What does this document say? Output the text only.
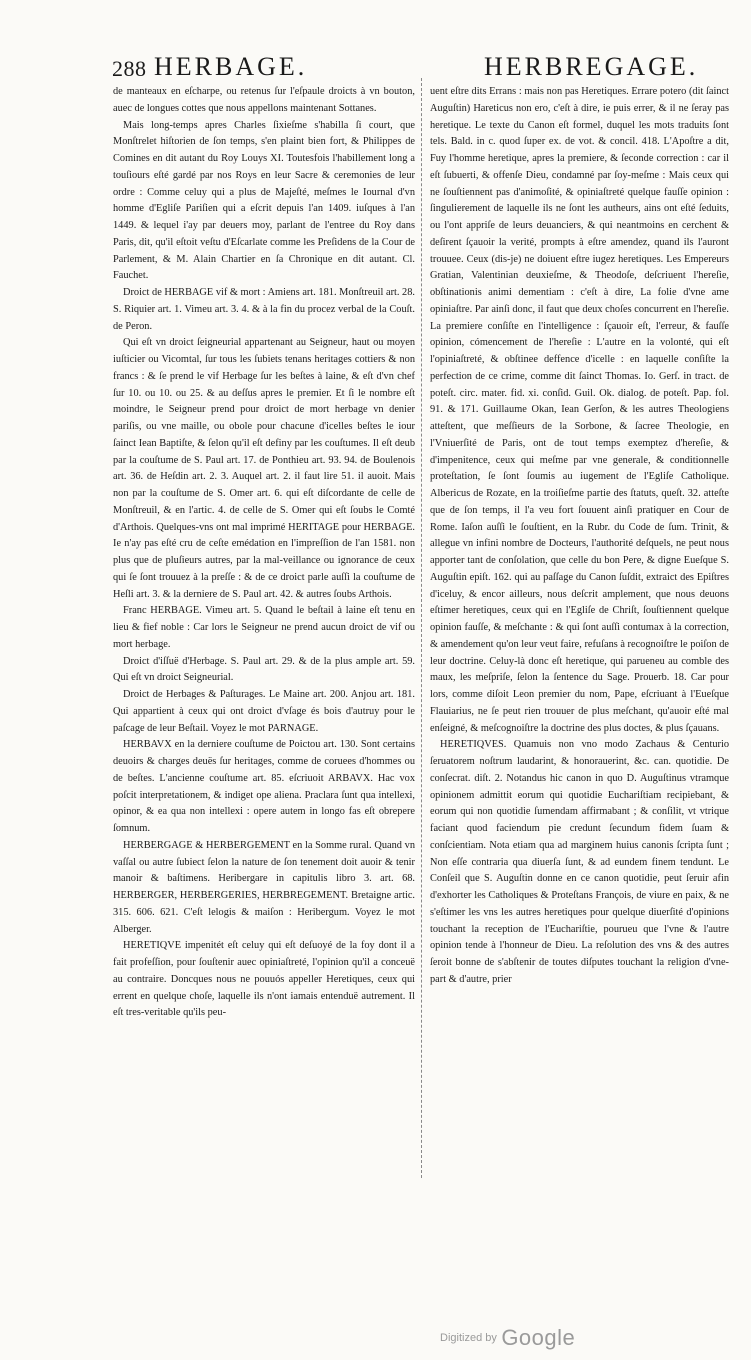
288 HERBAGE.	HERBREGAGE.

de manteaux en eſcharpe, ou retenus ſur l'eſpaule droicts à vn bouton, auec de longues cottes que nous appellons maintenant Sottanes.

Mais long-temps apres Charles ſixieſme s'habilla ſi court, que Monſtrelet hiſtorien de ſon temps, s'en plaint bien fort, & Philippes de Comines en dit autant du Roy Louys XI. Toutesfois l'habillement long a touſiours eſté gardé par nos Roys en leur Sacre & ceremonies de leur ordre : Comme celuy qui a plus de Majeſté, meſmes le Iournal d'vn homme d'Egliſe Pariſien qui a eſcrit depuis l'an 1409. iuſques à l'an 1449. & lequel i'ay par deuers moy, parlant de l'entree du Roy dans Paris, dit, qu'il eſtoit veſtu d'Eſcarlate comme les Preſidens de la Cour de Parlement, & M. Alain Chartier en ſa Chronique en dit autant. Cl. Fauchet.

Droict de HERBAGE vif & mort : Amiens art. 181. Monſtreuil art. 28. S. Riquier art. 1. Vimeu art. 3. 4. & à la fin du procez verbal de la Couſt. de Peron.

Qui eſt vn droict ſeigneurial appartenant au Seigneur, haut ou moyen iuſticier ou Vicomtal, ſur tous les ſubiets tenans heritages cottiers & non francs : & ſe prend le vif Herbage ſur les beſtes à laine, & eſt d'vn chef ſur 10. ou 10. ou 25. & au deſſus apres le premier. Et ſi le nombre eſt moindre, le Seigneur prend pour droict de mort herbage vn denier pariſis, ou vne maille, ou obole pour chacune d'icelles beſtes le iour ſainct Iean Baptiſte, & ſelon qu'il eſt definy par les couſtumes. Il eſt deub par la couſtume de S. Paul art. 17. de Ponthieu art. 93. 94. de Boulenois art. 36. de Heſdin art. 2. 3. Auquel art. 2. il faut lire 51. il auoit. Mais non par la couſtume de S. Omer art. 6. qui eſt diſcordante de celle de Monſtreuil, & en l'artic. 4. de celle de S. Omer qui eſt ſoubs le Comté d'Arthois. Quelques-vns ont mal imprimé HERITAGE pour HERBAGE. Ie n'ay pas eſté cru de ceſte emédation en l'impreſſion de l'an 1581. non plus que de pluſieurs autres, par la mal-veillance ou ignorance de ceux qui ſe ſont trouuez à la preſſe : & de ce droict parle auſſi la couſtume de Heſli art. 3. & la derniere de S. Paul art. 42. & autres ſoubs Arthois.

Franc HERBAGE. Vimeu art. 5. Quand le beſtail à laine eſt tenu en lieu & fief noble : Car lors le Seigneur ne prend aucun droict de vif ou mort herbage.

Droict d'iſſuë d'Herbage. S. Paul art. 29. & de la plus ample art. 59. Qui eſt vn droict Seigneurial.

Droict de Herbages & Paſturages. Le Maine art. 200. Anjou art. 181. Qui appartient à ceux qui ont droict d'vſage és bois d'autruy pour le paſcage de leur Beſtail. Voyez le mot PARNAGE.

HERBAVX en la derniere couſtume de Poictou art. 130. Sont certains deuoirs & charges deuës ſur heritages, comme de coruees d'hommes ou de beſtes. L'ancienne couſtume art. 85. eſcriuoit ARBAVX. Hac vox poſcit interpretationem, & indiget ope aliena. Praclara ſunt qua intellexi, opinor, & ea qua non intellexi : opere autem in longo fas eſt obrepere ſomnum.

HERBERGAGE & HERBERGEMENT en la Somme rural. Quand vn vaſſal ou autre ſubiect ſelon la nature de ſon tenement doit auoir & tenir manoir & baſtimens. Heribergare in capitulis libro 3. art. 68. HERBERGER, HERBERGERIES, HERBREGEMENT. Bretaigne artic. 315. 606. 621. C'eſt lelogis & maiſon : Heribergum. Voyez le mot Alberger.

HERETIQVE impenitét eſt celuy qui eſt deſuoyé de la foy dont il a fait profeſſion, pour ſouſtenir auec opiniaſtreté, l'opinion qu'il a conceuë au contraire. Doncques nous ne pouuós appeller Heretiques, ceux qui errent en quelque choſe, laquelle ils n'ont iamais entenduë autrement. Il eſt tres-veritable qu'ils peu-

uent eſtre dits Errans : mais non pas Heretiques. Errare potero (dit ſainct Auguſtin) Hareticus non ero, c'eſt à dire, ie puis errer, & il ne ſeray pas heretique. Le texte du Canon eſt formel, duquel les mots traduits ſont tels. Bald. in c. quod ſuper ex. de vot. & concil. 418. L'Apoſtre a dit, Fuy l'homme heretique, apres la premiere, & ſeconde correction : car il eſt ſubuerti, & offenſe Dieu, condamné par ſoy-meſme : Mais ceux qui ne ſouſtiennent pas d'animoſité, & opiniaſtreté quelque fauſſe opinion : ſingulierement de laquelle ils ne ſont les autheurs, ains ont eſté ſeduits, ou l'ont appriſe de leurs deuanciers, & qui neantmoins en cerchent & deſirent ſçauoir la verité, prompts à eſtre amendez, quand ils l'auront trouuee. Ceux (dis-je) ne doiuent eſtre iugez heretiques. Les Empereurs Gratian, Valentinian deuxieſme, & Theodoſe, deſcriuent l'hereſie, obſtinationis animi dementiam : c'eſt à dire, La folie d'vne ame opiniaſtre. Par ainſi donc, il faut que deux choſes concurrent en l'hereſie. La premiere conſiſte en l'intelligence : ſçauoir eſt, l'erreur, & fauſſe opinion, cómencement de l'hereſie : L'autre en la volonté, qui eſt l'opiniaſtreté, & obſtinee deffence d'icelle : en laquelle conſiſte la perfection de ce crime, comme dit ſainct Thomas. Io. Gerſ. in tract. de poteſt. circ. mater. fid. xi. conſid. Guil. Ok. dialog. de poteſt. Pap. fol. 91. & 171. Guillaume Okan, Iean Gerſon, & les autres Theologiens atteſtent, que meſſieurs de la Sorbone, & ſacree Theologie, en l'Vniuerſité de Paris, ont de tout temps exemptez d'hereſie, & d'impenitence, ceux qui meſme par vne generale, & conditionnelle proteſtation, ſe ſont ſoumis au iugement de l'Egliſe Catholique. Albericus de Rozate, en la troiſieſme partie des ſtatuts, queſt. 32. atteſte que de ſon temps, il l'a veu fort ſouuent ainſi pratiquer en Cour de Rome. Iaſon auſſi le ſouſtient, en la Rubr. du Code de ſum. Trinit, & allegue vn infini nombre de Docteurs, l'authorité deſquels, ne peut nous apporter tant de conſolation, que celle du bon Pere, & digne Eueſque S. Auguſtin epiſt. 162. qui au paſſage du Canon ſuſdit, extraict des Epiſtres d'iceluy, & encor ailleurs, nous deſcrit amplement, que nous deuons eſtimer heretiques, ceux qui en l'Egliſe de Chriſt, ſouſtiennent quelque opinion fauſſe, & meſchante : & qui ſont auſſi contumax à la correction, & amendement qu'on leur veut faire, refuſans à recognoiſtre le poiſon de leur doctrine. Celuy-là donc eſt heretique, qui parueneu au comble des maux, les meſpriſe, ſelon la ſentence du Sage. Prouerb. 18. Car pour lors, comme diſoit Leon premier du nom, Pape, eſcriuant à l'Eueſque Flauiarius, ne ſe peut rien trouuer de plus meſchant, qu'auoir eſté mal enſeigné, & meſcognoiſtre la doctrine des plus doctes, & plus ſçauans.

HERETIQVES. Quamuis non vno modo Zachaus & Centurio ſeruatorem noſtrum laudarint, & honorauerint, &c. can. quotidie. De conſecrat. diſt. 2. Notandus hic canon in quo D. Auguſtinus vtramque opinionem admittit eorum qui quotidie Euchariſtiam recipiebant, & eorum qui non quotidie ſumendam affirmabant ; & conſilit, vt vtrique faciant quod faciendum pie credunt ſecundum fidem ſuam & conſcientiam. Nota etiam qua ad marginem huius canonis ſcripta ſunt ; Non eſſe contraria qua diuerſa ſunt, & ad eundem finem tendunt. Le Conſeil que S. Auguſtin donne en ce canon quotidie, peut ſeruir afin d'exhorter les Catholiques & Proteſtans François, de viure en paix, & ne s'eſtimer les vns les autres heretiques pour quelque diuerſité d'opinions touchant la reception de l'Euchariſtie, pourueu que l'vne & l'autre opinion tende à l'honneur de Dieu. La reſolution des vns & des autres ſeroit bonne de s'abſtenir de toutes diſputes touchant la religion d'vne-part & d'autre, prier

Digitized by Google
